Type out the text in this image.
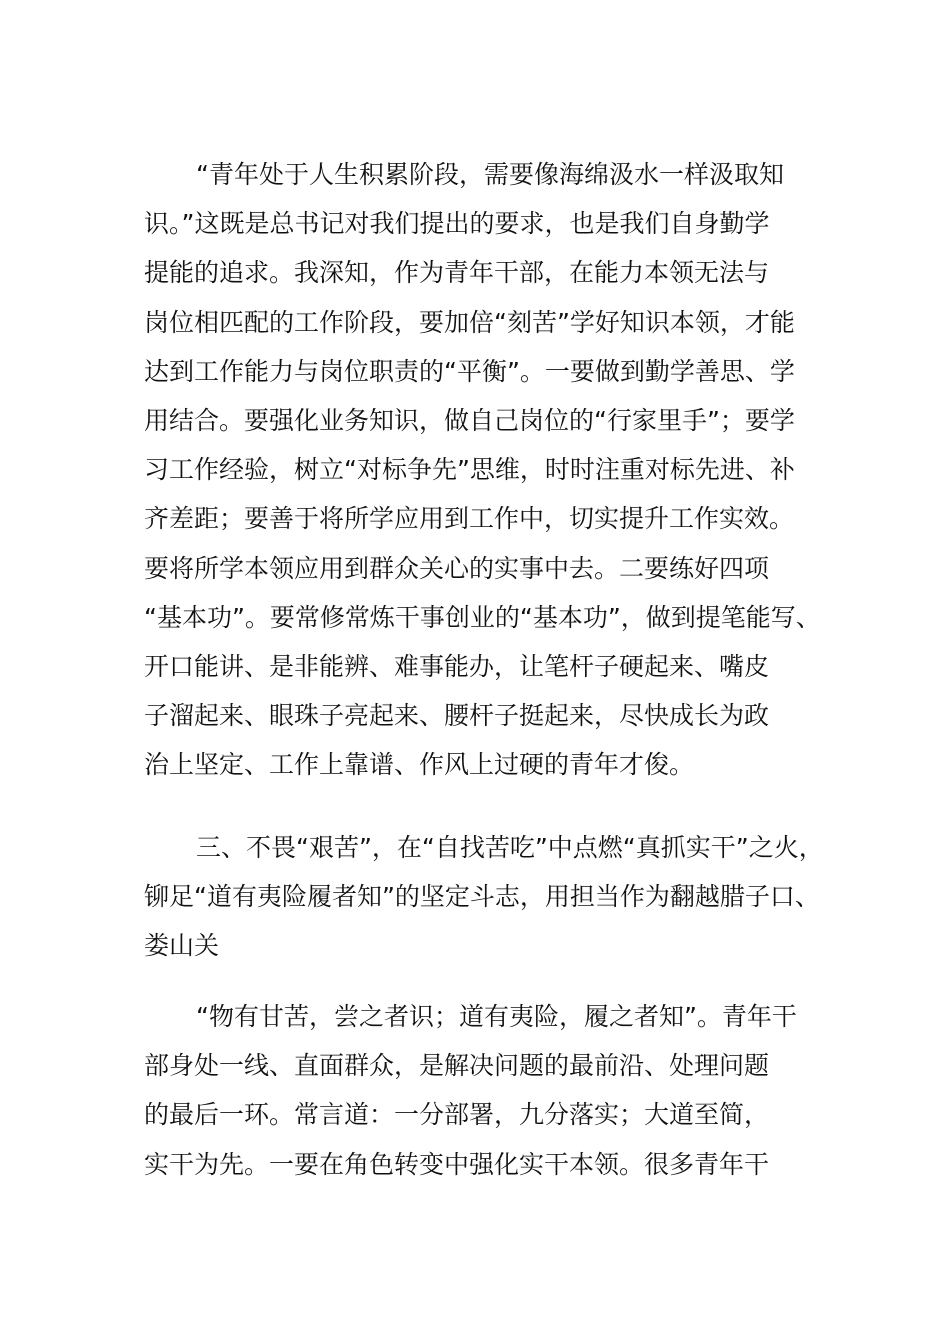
“青年处于人生积累阶段，需要像海绵汲水一样汲取知
识。”这既是总书记对我们提出的要求，也是我们自身勤学
提能的追求。我深知，作为青年干部，在能力本领无法与
岗位相匹配的工作阶段，要加倍“刻苦”学好知识本领，才能
达到工作能力与岗位职责的“平衡”。一要做到勤学善思、学
用结合。要强化业务知识，做自己岗位的“行家里手”；要学
习工作经验，树立“对标争先”思维，时时注重对标先进、补
齐差距；要善于将所学应用到工作中，切实提升工作实效。
要将所学本领应用到群众关心的实事中去。二要练好四项
“基本功”。要常修常炼干事创业的“基本功”，做到提笔能写、
开口能讲、是非能辨、难事能办，让笔杆子硬起来、嘴皮
子溜起来、眼珠子亮起来、腰杆子挺起来，尽快成长为政
治上坚定、工作上靠谱、作风上过硬的青年才俊。
三、不畏“艰苦”，在“自找苦吃”中点燃“真抓实干”之火，
铆足“道有夷险履者知”的坚定斗志，用担当作为翻越腊子口、
娄山关
“物有甘苦，尝之者识；道有夷险，履之者知”。青年干
部身处一线、直面群众，是解决问题的最前沿、处理问题
的最后一环。常言道：一分部署，九分落实；大道至简，
实干为先。一要在角色转变中强化实干本领。很多青年干
